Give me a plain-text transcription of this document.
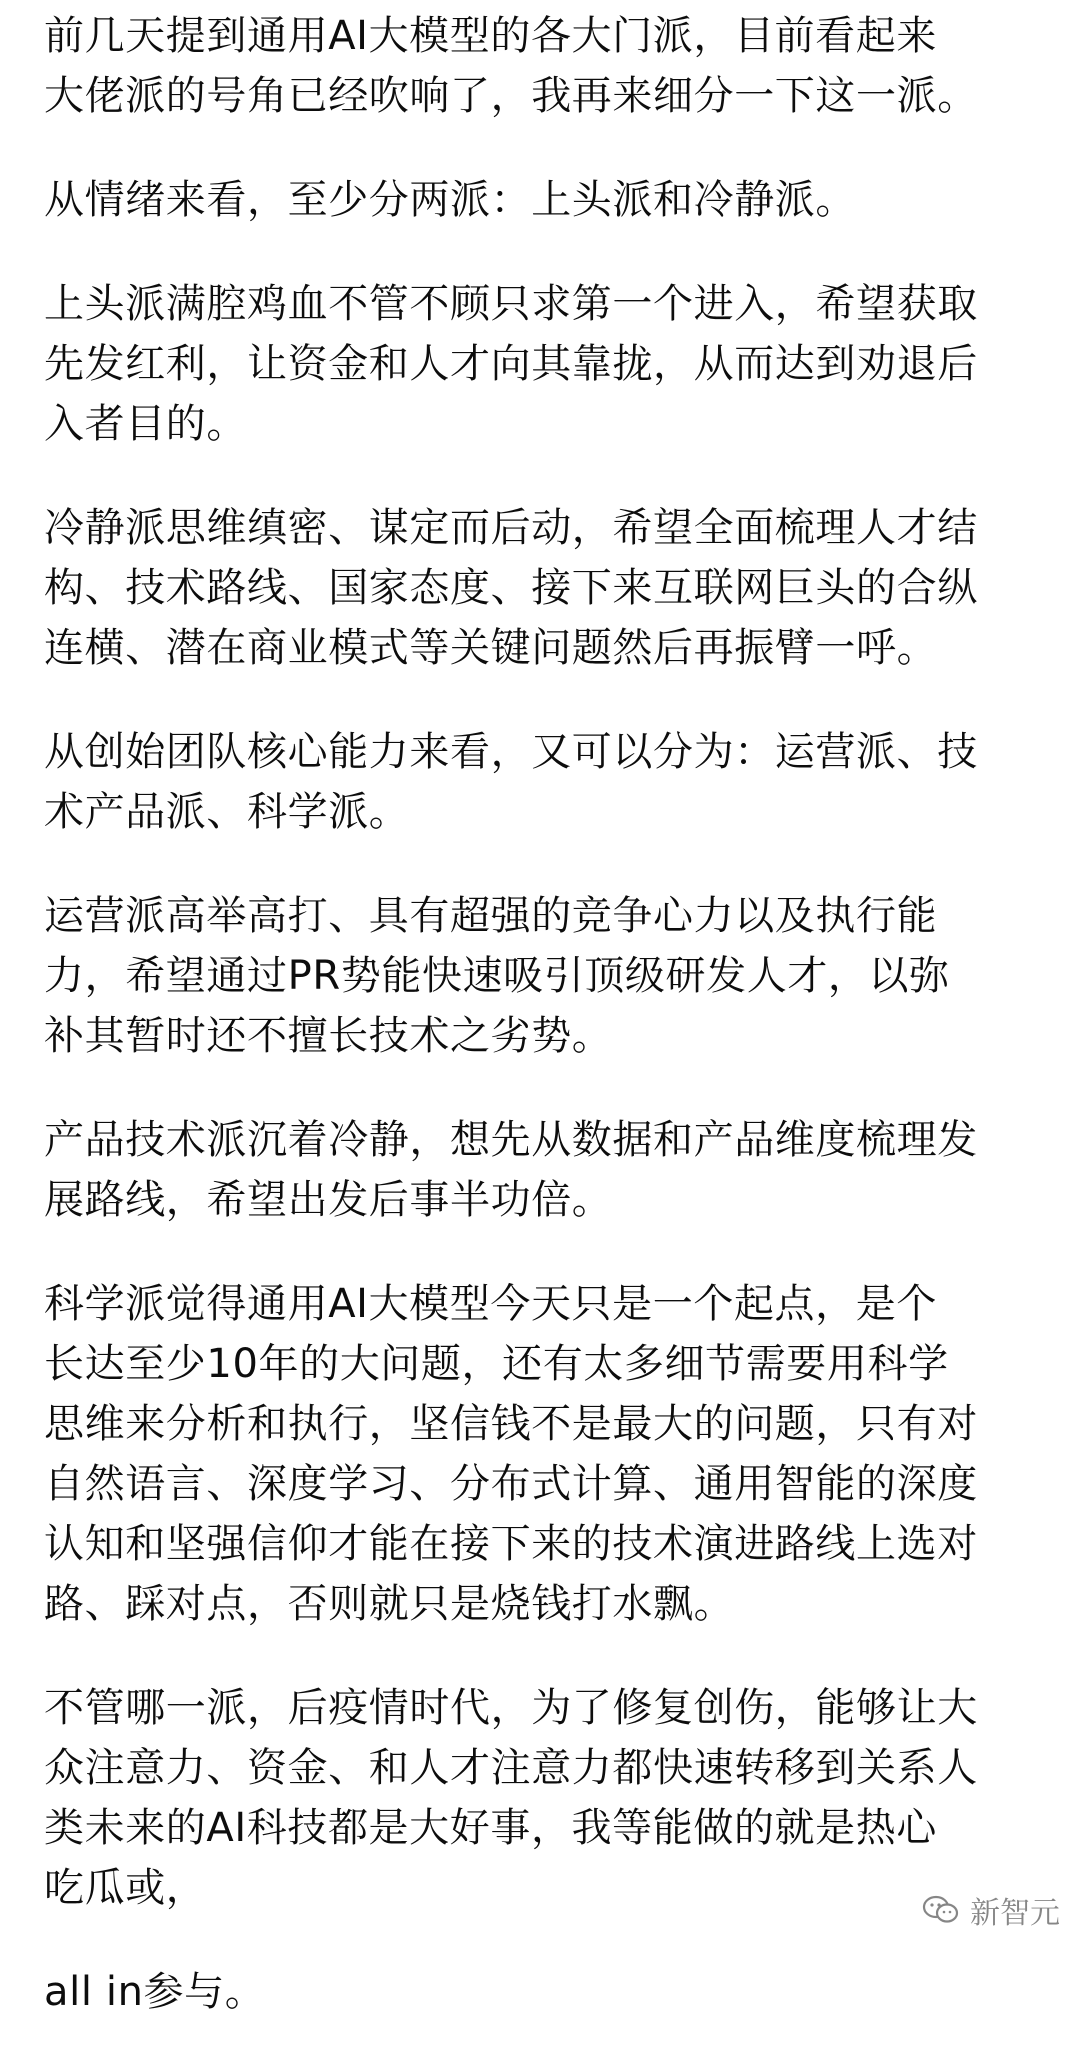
前几天提到通用AI大模型的各大门派，目前看起来
大佬派的号角已经吹响了，我再来细分一下这一派。

从情绪来看，至少分两派：上头派和冷静派。

上头派满腔鸡血不管不顾只求第一个进入，希望获取
先发红利，让资金和人才向其靠拢，从而达到劝退后
入者目的。

冷静派思维缜密、谋定而后动，希望全面梳理人才结
构、技术路线、国家态度、接下来互联网巨头的合纵
连横、潜在商业模式等关键问题然后再振臂一呼。

从创始团队核心能力来看，又可以分为：运营派、技
术产品派、科学派。

运营派高举高打、具有超强的竞争心力以及执行能
力，希望通过PR势能快速吸引顶级研发人才，以弥
补其暂时还不擅长技术之劣势。

产品技术派沉着冷静，想先从数据和产品维度梳理发
展路线，希望出发后事半功倍。

科学派觉得通用AI大模型今天只是一个起点，是个
长达至少10年的大问题，还有太多细节需要用科学
思维来分析和执行，坚信钱不是最大的问题，只有对
自然语言、深度学习、分布式计算、通用智能的深度
认知和坚强信仰才能在接下来的技术演进路线上选对
路、踩对点，否则就只是烧钱打水飘。

不管哪一派，后疫情时代，为了修复创伤，能够让大
众注意力、资金、和人才注意力都快速转移到关系人
类未来的AI科技都是大好事，我等能做的就是热心
吃瓜或，

all in参与。

新智元
